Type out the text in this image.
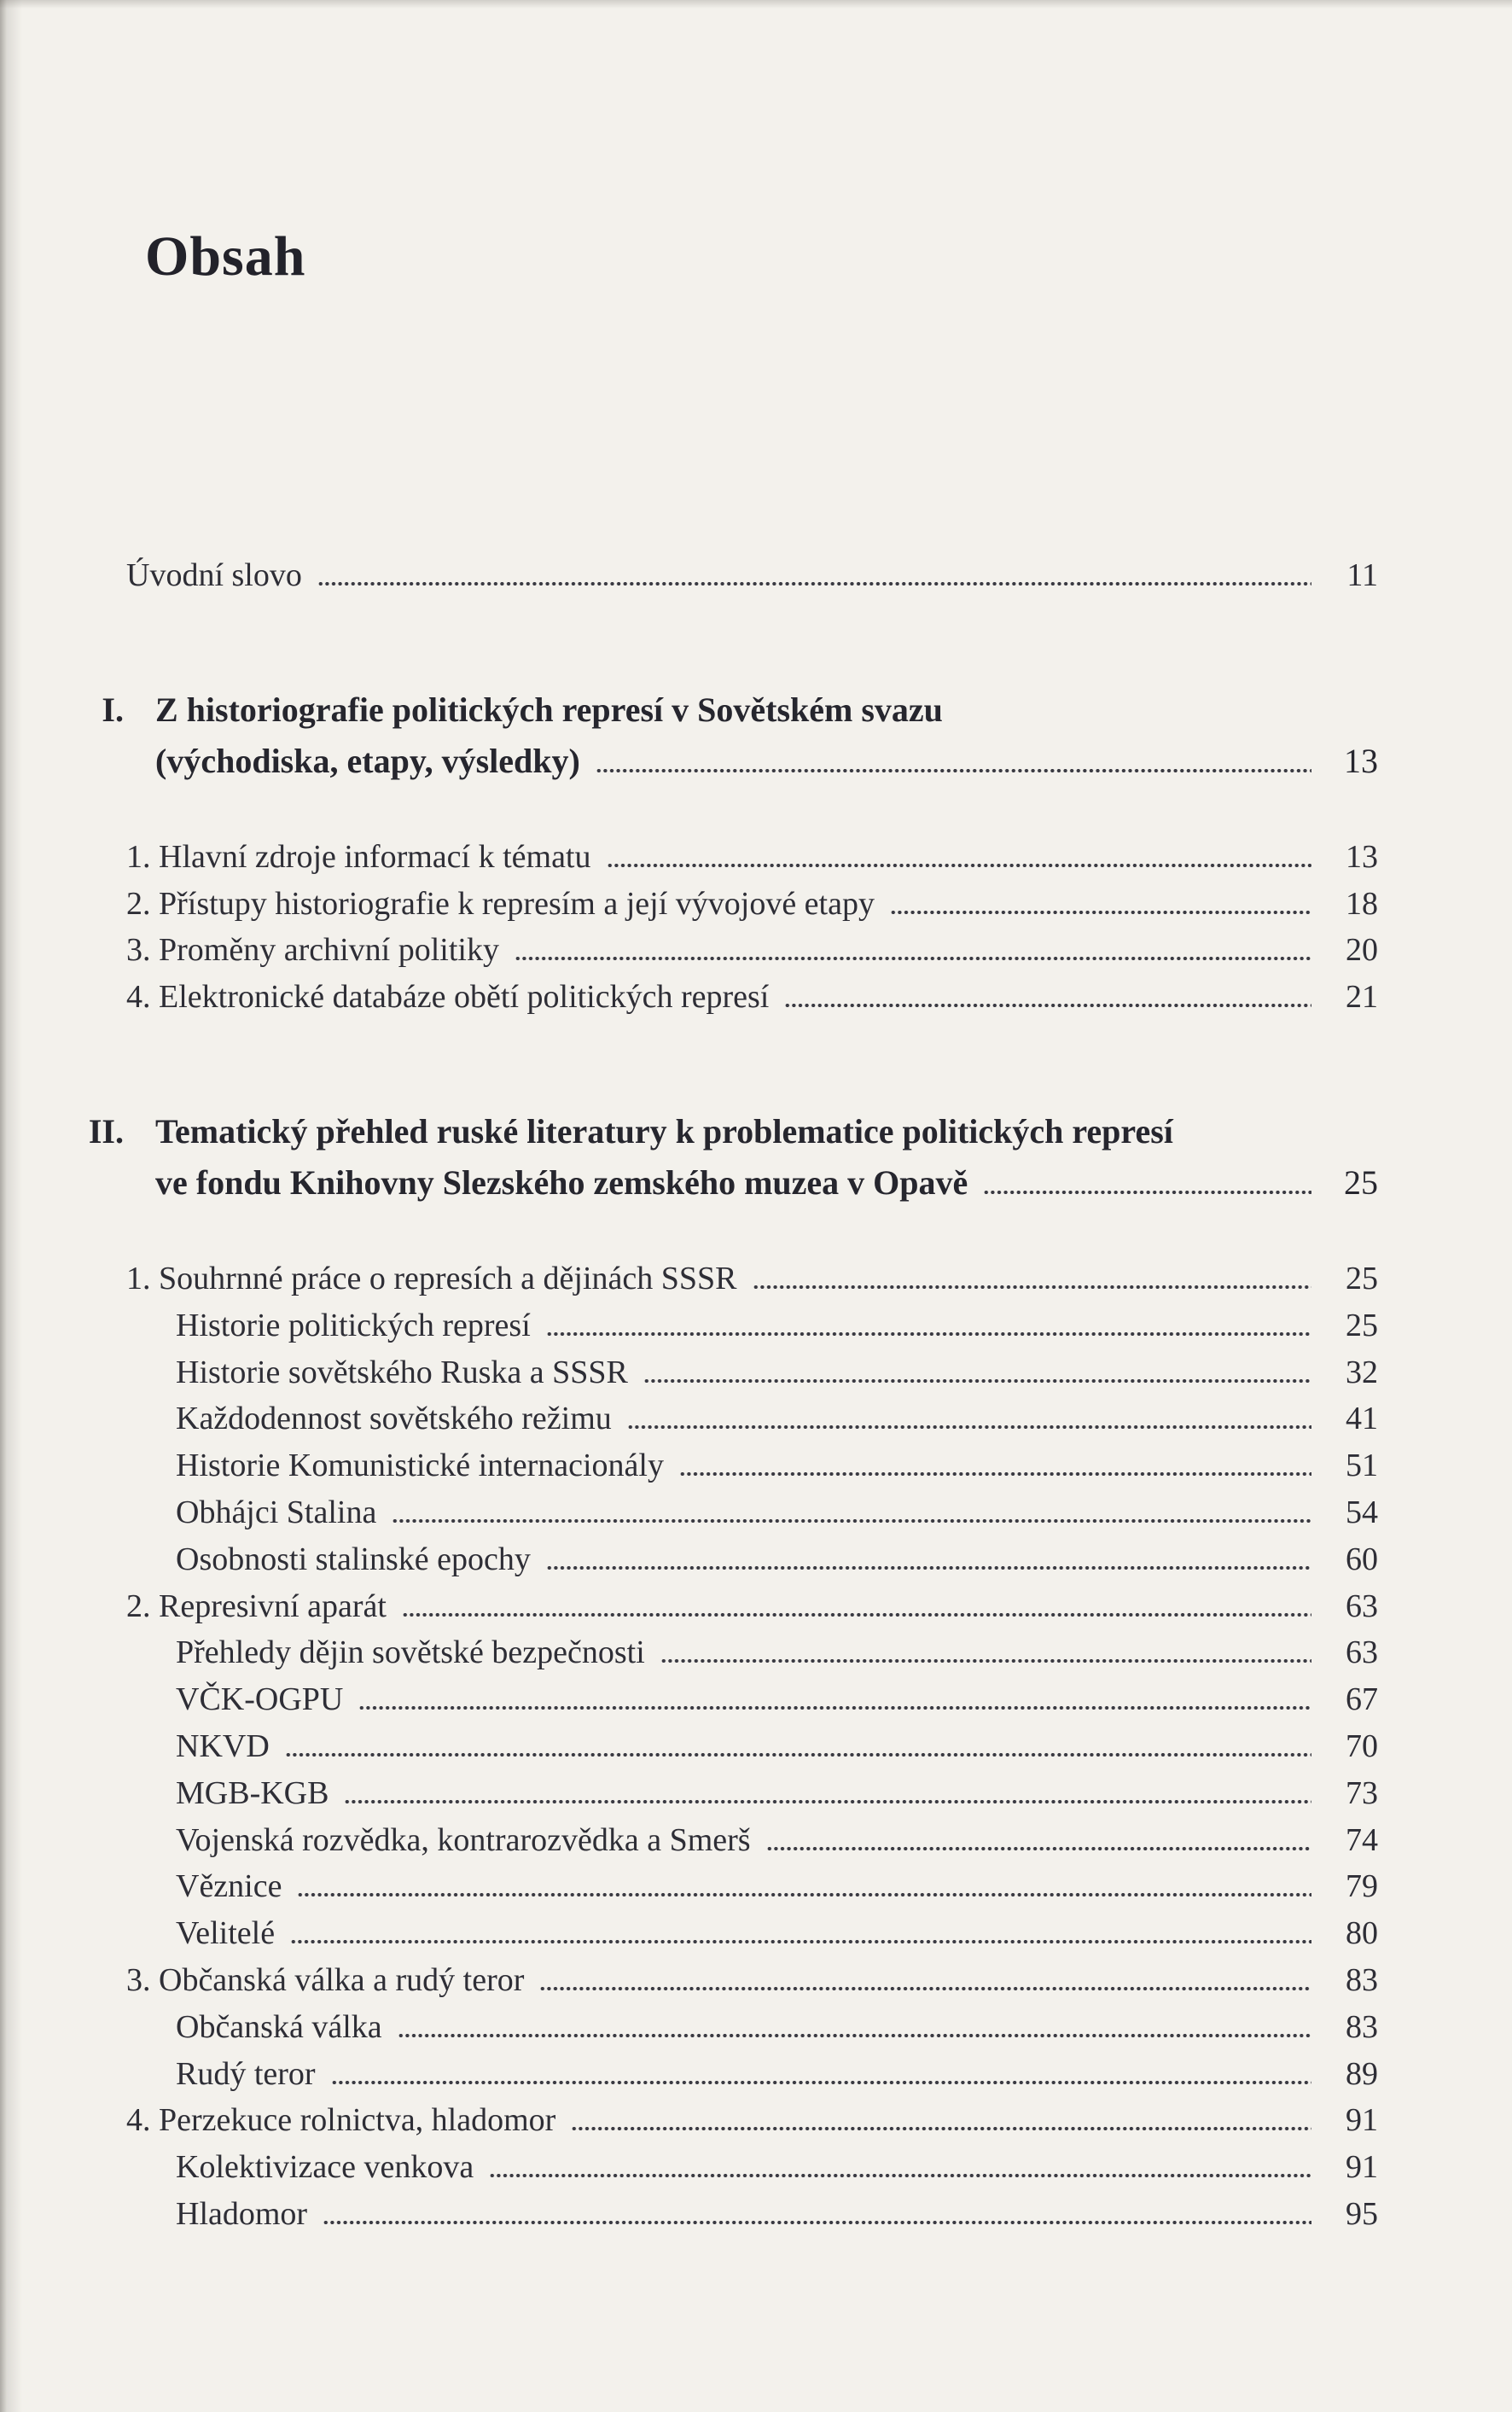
Obsah
Úvodní slovo	11
I. Z historiografie politických represí v Sovětském svazu
(východiska, etapy, výsledky)	13
1. Hlavní zdroje informací k tématu	13
2. Přístupy historiografie k represím a její vývojové etapy	18
3. Proměny archivní politiky	20
4. Elektronické databáze obětí politických represí	21
II. Tematický přehled ruské literatury k problematice politických represí
ve fondu Knihovny Slezského zemského muzea v Opavě	25
1. Souhrnné práce o represích a dějinách SSSR	25
Historie politických represí	25
Historie sovětského Ruska a SSSR	32
Každodennost sovětského režimu	41
Historie Komunistické internacionály	51
Obhájci Stalina	54
Osobnosti stalinské epochy	60
2. Represivní aparát	63
Přehledy dějin sovětské bezpečnosti	63
VČK-OGPU	67
NKVD	70
MGB-KGB	73
Vojenská rozvědka, kontrarozvědka a Smerš	74
Věznice	79
Velitelé	80
3. Občanská válka a rudý teror	83
Občanská válka	83
Rudý teror	89
4. Perzekuce rolnictva, hladomor	91
Kolektivizace venkova	91
Hladomor	95
